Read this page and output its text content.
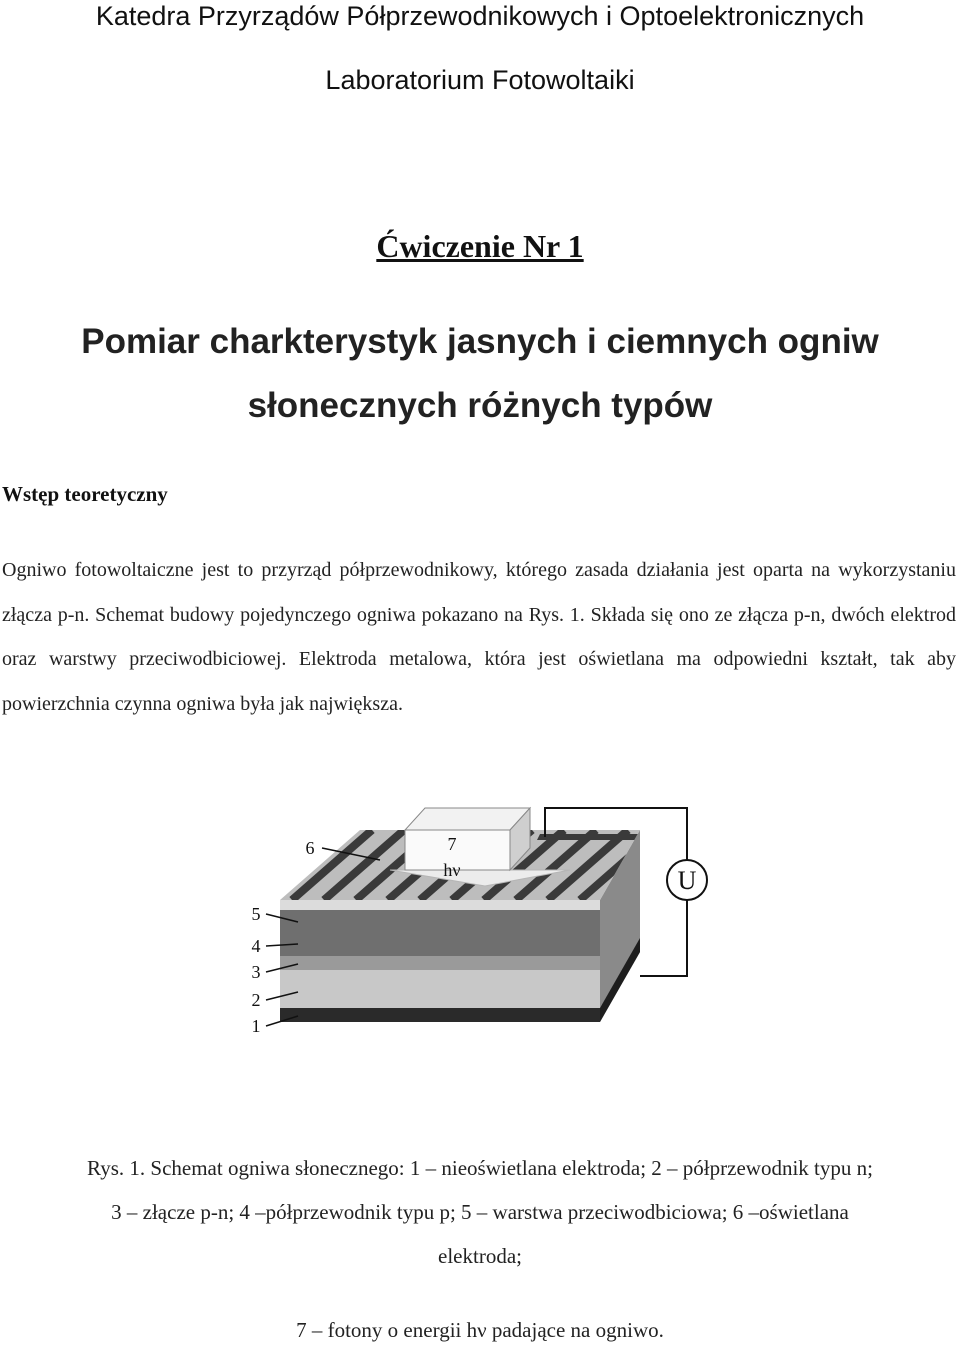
Katedra Przyrządów Półprzewodnikowych i Optoelektronicznych
Laboratorium Fotowoltaiki
Ćwiczenie Nr 1
Pomiar charkterystyk jasnych i ciemnych ogniw
słonecznych różnych typów
Wstęp teoretyczny
Ogniwo fotowoltaiczne jest to przyrząd półprzewodnikowy, którego zasada działania jest oparta na wykorzystaniu złącza p-n. Schemat budowy pojedynczego ogniwa pokazano na Rys. 1. Składa się ono ze złącza p-n, dwóch elektrod oraz warstwy przeciwodbiciowej. Elektroda metalowa, która jest oświetlana ma odpowiedni kształt, tak aby powierzchnia czynna ogniwa była jak największa.
U
7
hν
6
5
4
3
2
1
Rys. 1. Schemat ogniwa słonecznego: 1 – nieoświetlana elektroda; 2 – półprzewodnik typu n;
3 – złącze p-n; 4 –półprzewodnik typu p; 5 – warstwa przeciwodbiciowa; 6 –oświetlana
elektroda;
7 – fotony o energii hν padające na ogniwo.
